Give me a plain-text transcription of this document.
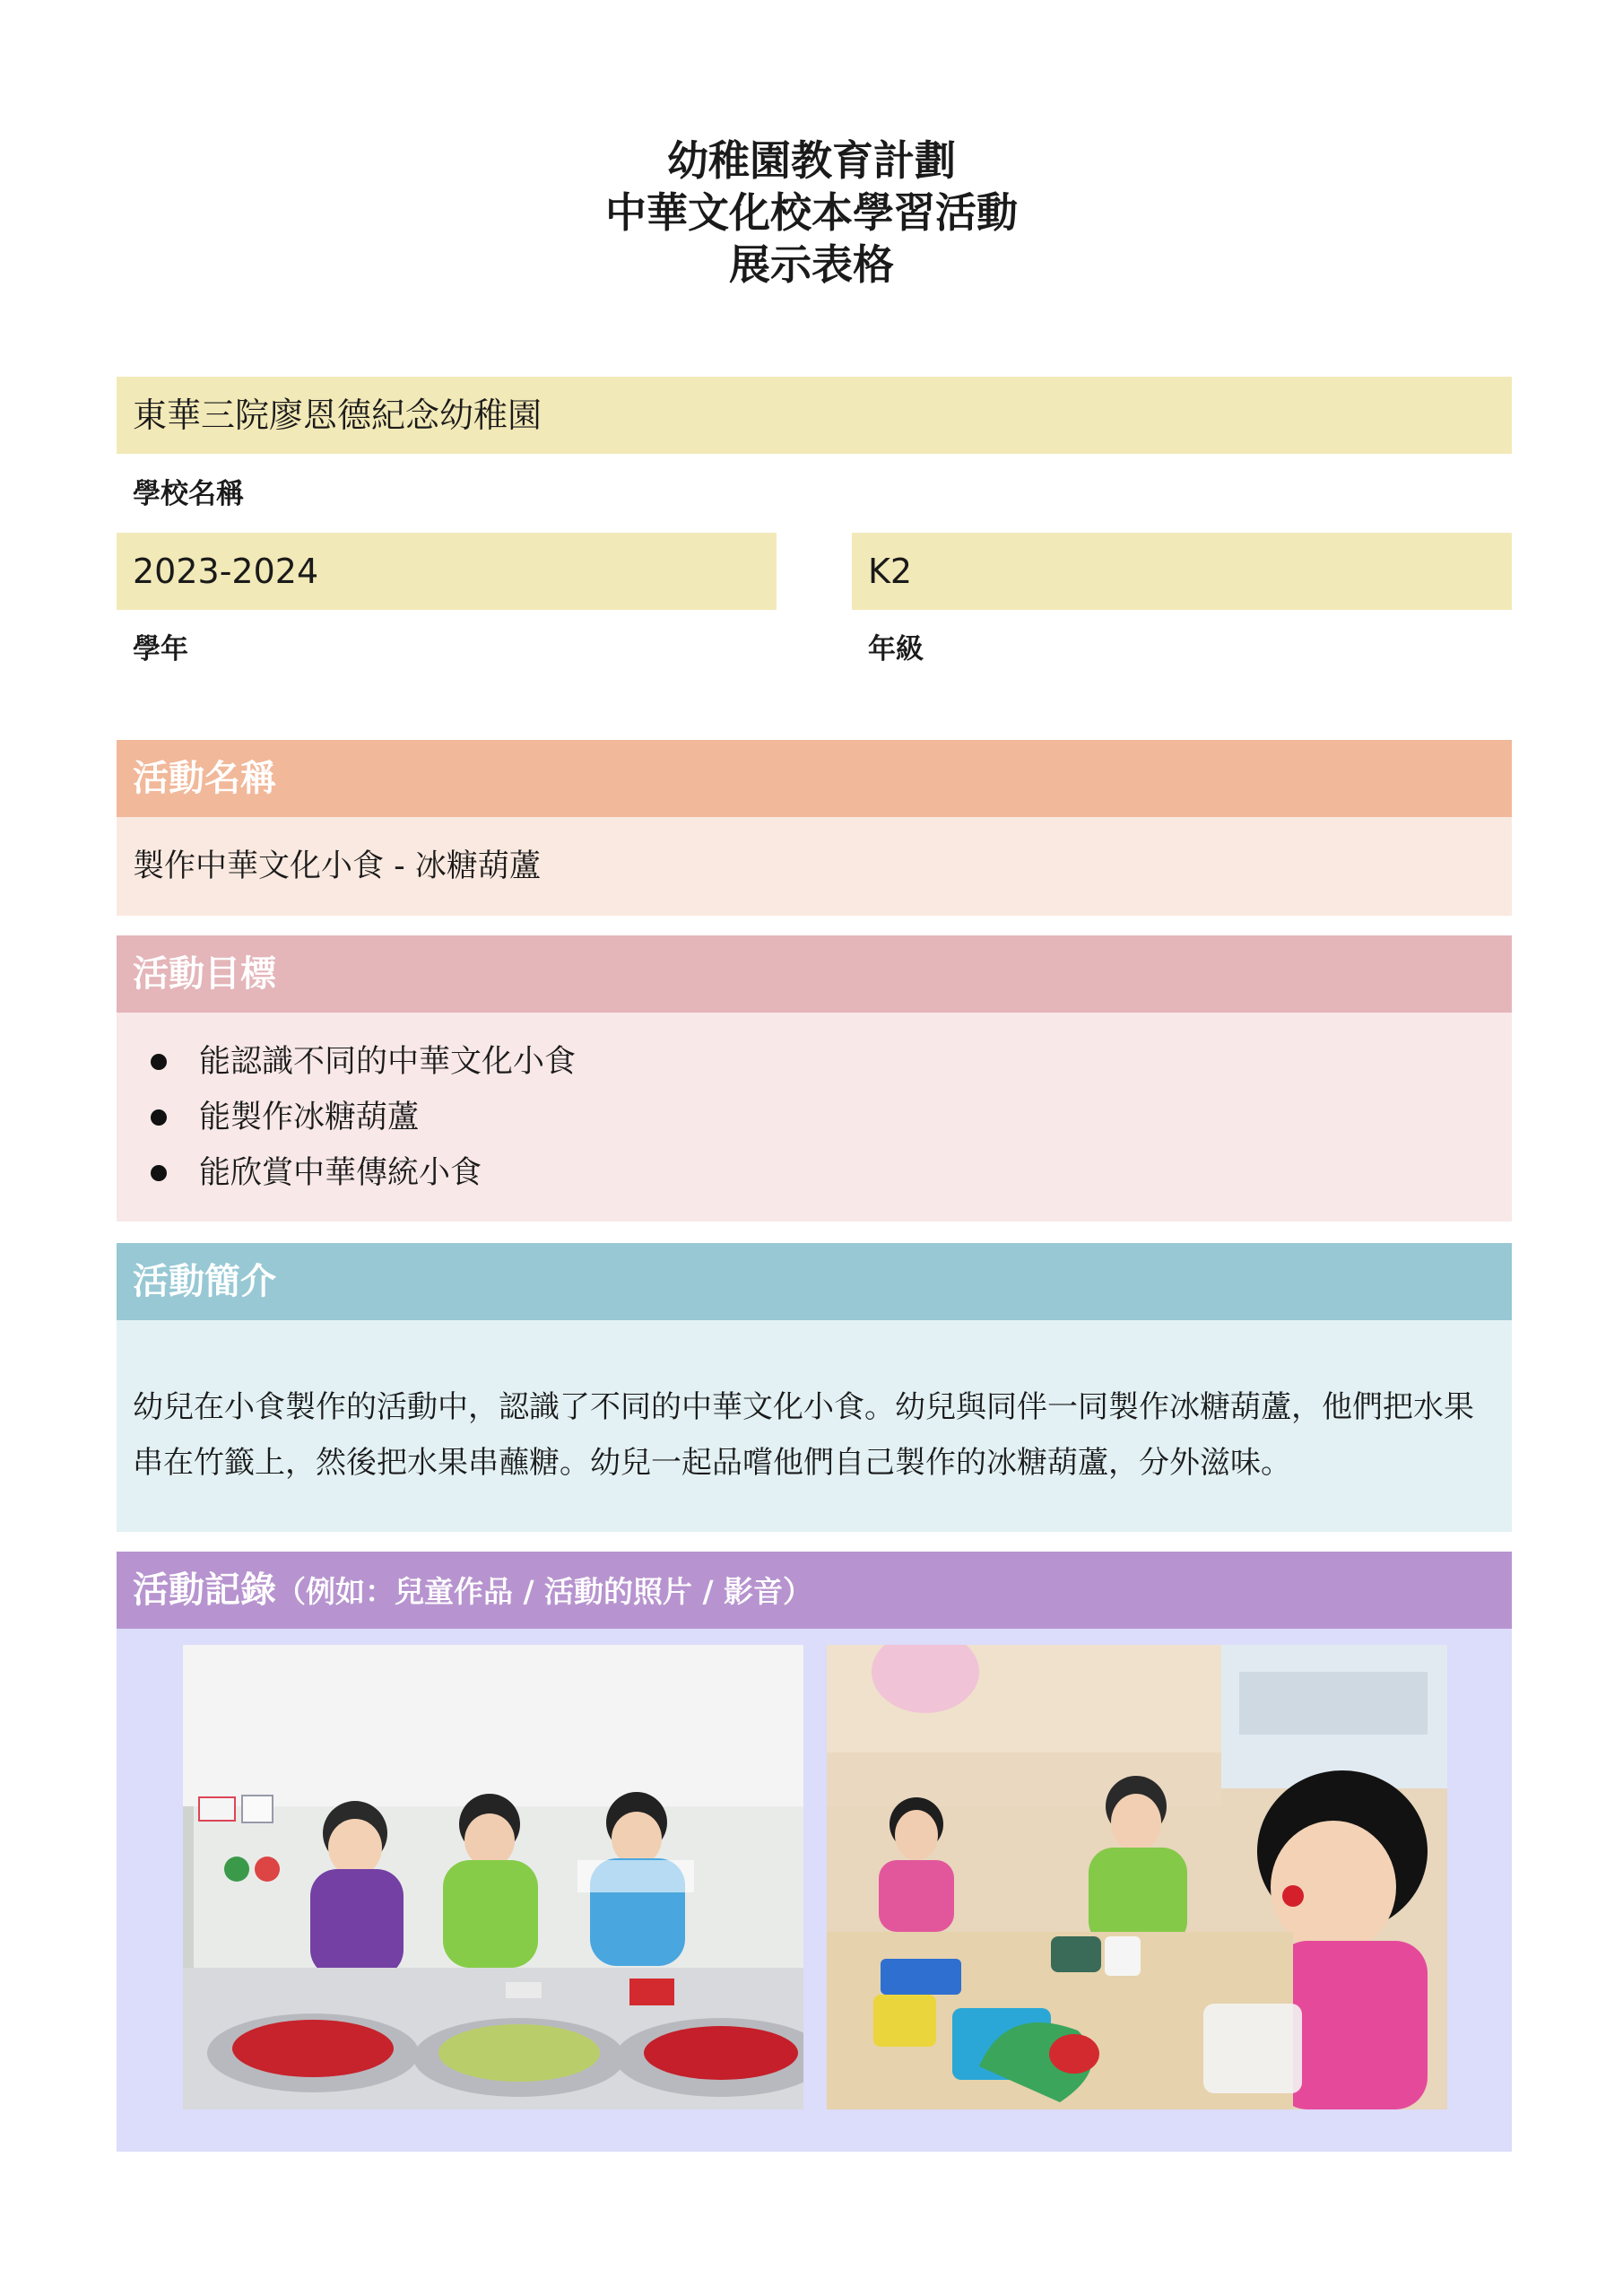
幼稚園教育計劃
中華文化校本學習活動
展示表格
東華三院廖恩德紀念幼稚園
學校名稱
2023-2024
學年
K2
年級
活動名稱
製作中華文化小食 - 冰糖葫蘆
活動目標
能認識不同的中華文化小食
能製作冰糖葫蘆
能欣賞中華傳統小食
活動簡介
幼兒在小食製作的活動中，認識了不同的中華文化小食。幼兒與同伴一同製作冰糖葫蘆，他們把水果串在竹籤上，然後把水果串蘸糖。幼兒一起品嚐他們自己製作的冰糖葫蘆，分外滋味。
活動記錄（例如：兒童作品 / 活動的照片 / 影音）
